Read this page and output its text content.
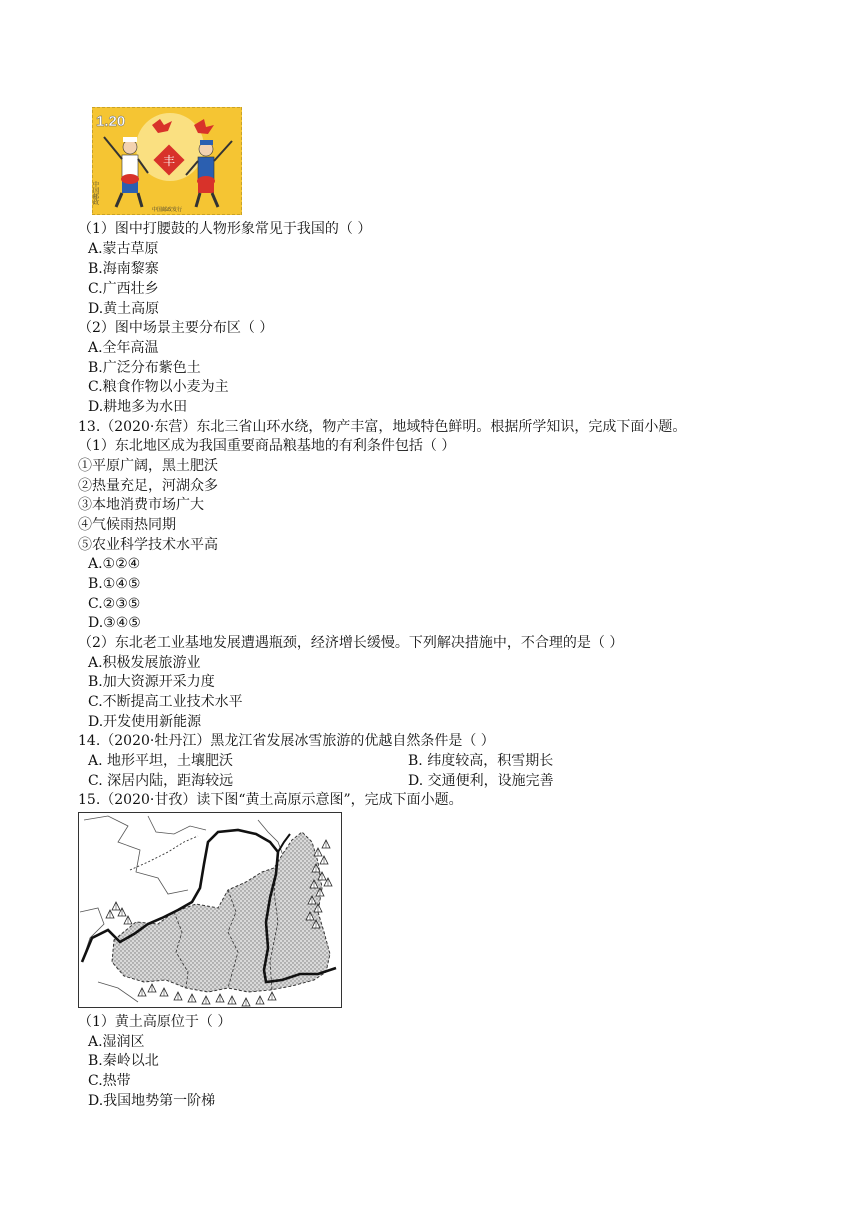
1.20
丰
中国邮政
中国邮政发行
（1）图中打腰鼓的人物形象常见于我国的（ ）
A.蒙古草原
B.海南黎寨
C.广西壮乡
D.黄土高原
（2）图中场景主要分布区（ ）
A.全年高温
B.广泛分布紫色土
C.粮食作物以小麦为主
D.耕地多为水田
13.（2020·东营）东北三省山环水绕，物产丰富，地域特色鲜明。根据所学知识，完成下面小题。
（1）东北地区成为我国重要商品粮基地的有利条件包括（ ）
①平原广阔，黑土肥沃
②热量充足，河湖众多
③本地消费市场广大
④气候雨热同期
⑤农业科学技术水平高
A.①②④
B.①④⑤
C.②③⑤
D.③④⑤
（2）东北老工业基地发展遭遇瓶颈，经济增长缓慢。下列解决措施中，不合理的是（ ）
A.积极发展旅游业
B.加大资源开采力度
C.不断提高工业技术水平
D.开发使用新能源
14.（2020·牡丹江）黑龙江省发展冰雪旅游的优越自然条件是（ ）
A. 地形平坦，土壤肥沃	B. 纬度较高，积雪期长
C. 深居内陆，距海较远	D. 交通便利，设施完善
15.（2020·甘孜）读下图“黄土高原示意图”，完成下面小题。
（1）黄土高原位于（ ）
A.湿润区
B.秦岭以北
C.热带
D.我国地势第一阶梯
